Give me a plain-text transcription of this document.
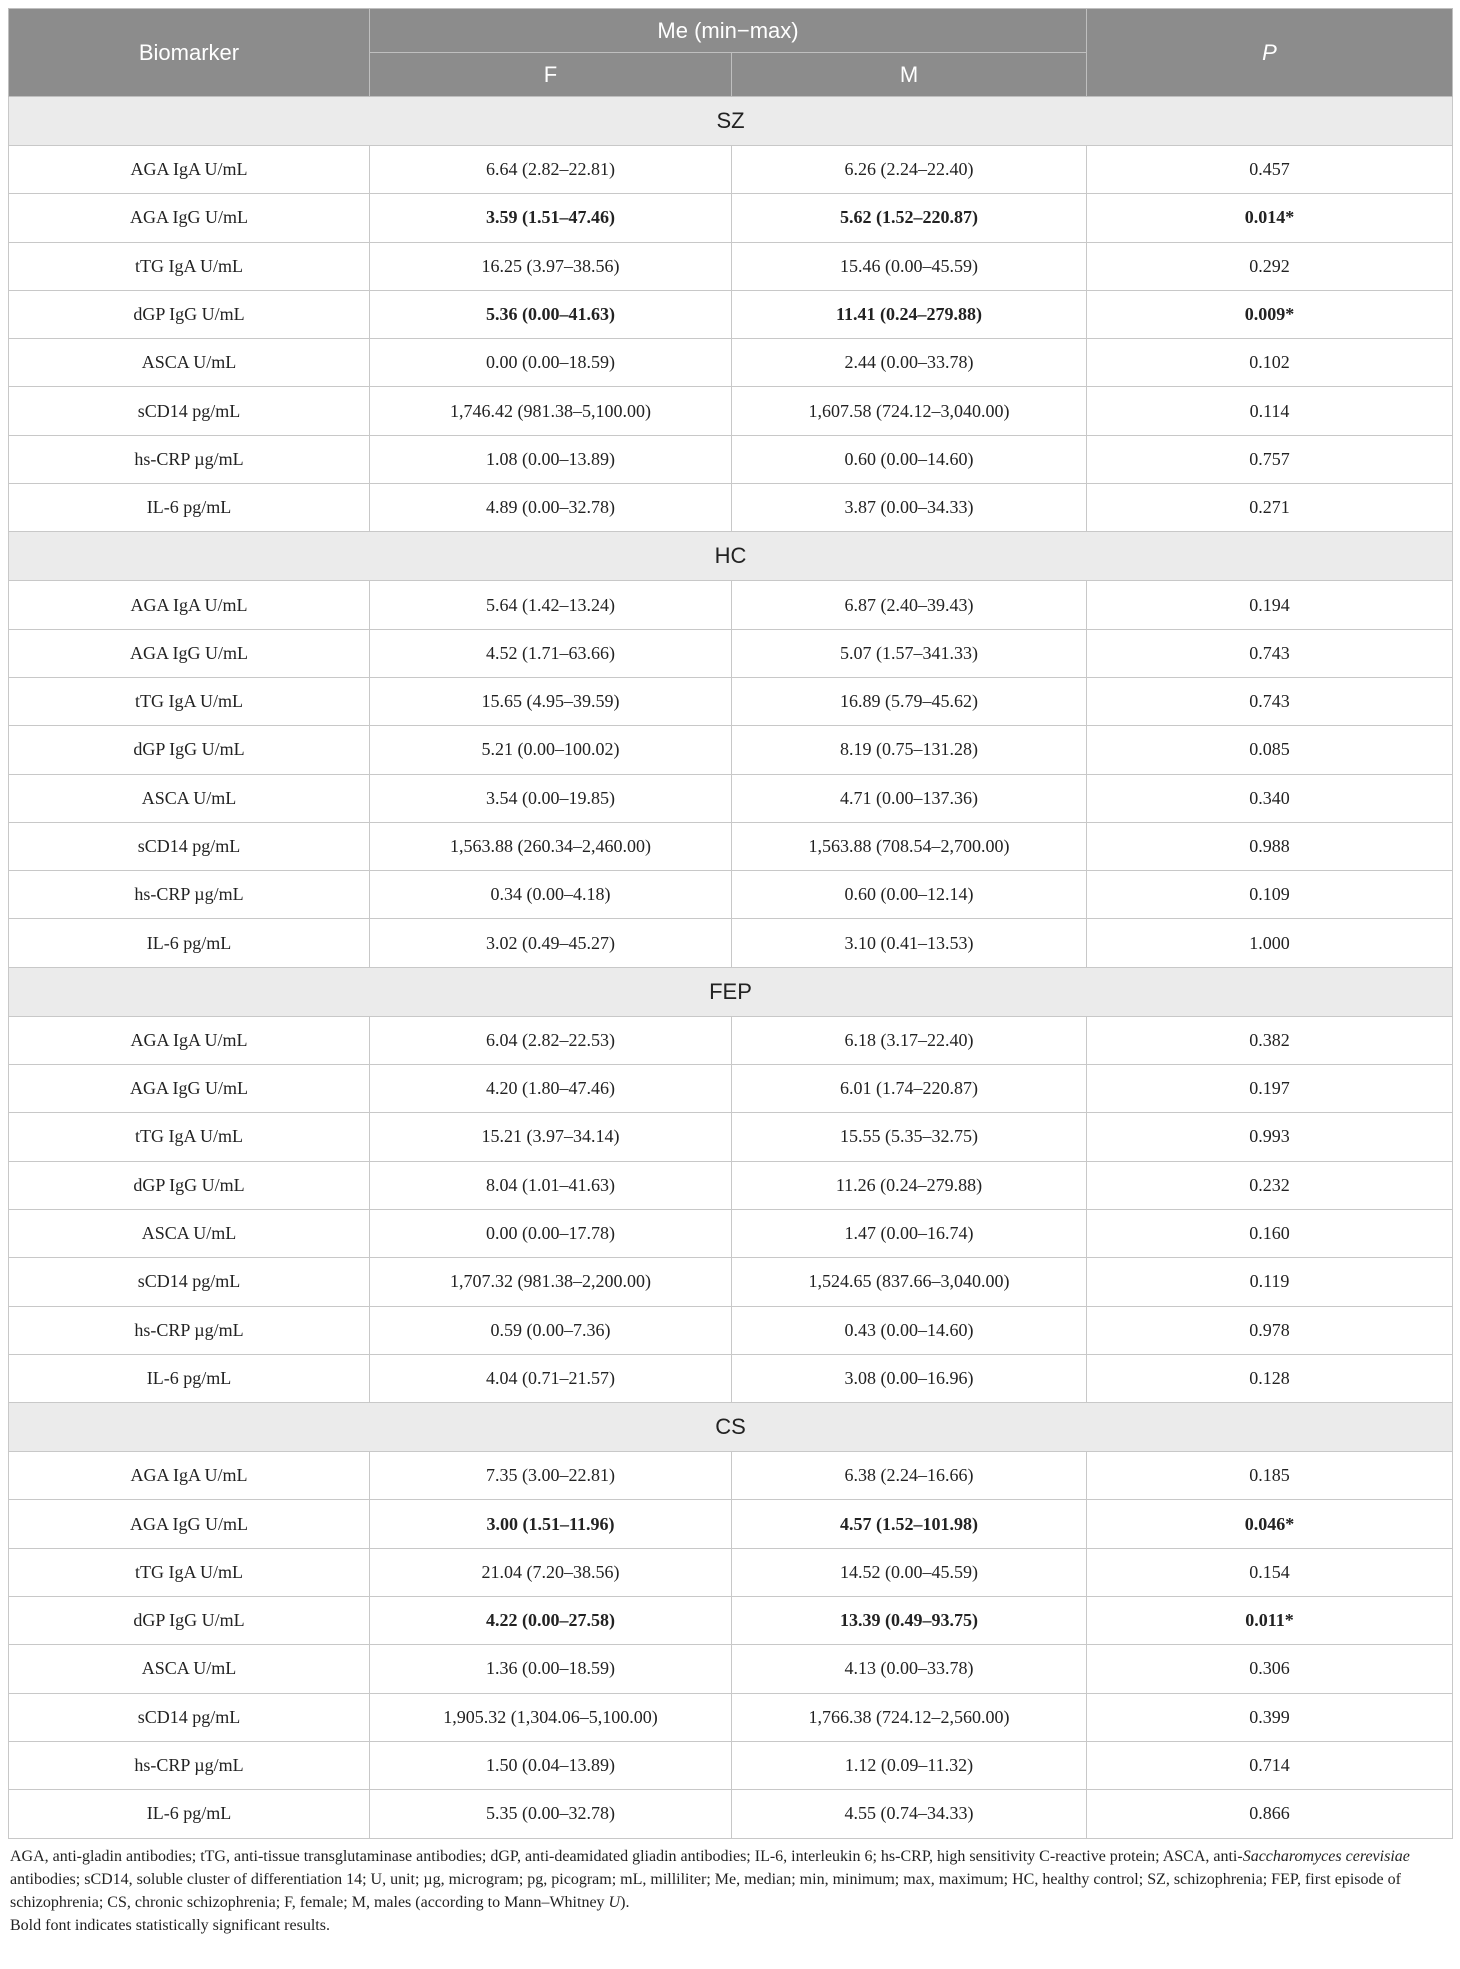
Biomarker	Me (min−max)		P
	F	M	
SZ			
AGA IgA U/mL	6.64 (2.82–22.81)	6.26 (2.24–22.40)	0.457
AGA IgG U/mL	3.59 (1.51–47.46)	5.62 (1.52–220.87)	0.014*
tTG IgA U/mL	16.25 (3.97–38.56)	15.46 (0.00–45.59)	0.292
dGP IgG U/mL	5.36 (0.00–41.63)	11.41 (0.24–279.88)	0.009*
ASCA U/mL	0.00 (0.00–18.59)	2.44 (0.00–33.78)	0.102
sCD14 pg/mL	1,746.42 (981.38–5,100.00)	1,607.58 (724.12–3,040.00)	0.114
hs-CRP µg/mL	1.08 (0.00–13.89)	0.60 (0.00–14.60)	0.757
IL-6 pg/mL	4.89 (0.00–32.78)	3.87 (0.00–34.33)	0.271
HC			
AGA IgA U/mL	5.64 (1.42–13.24)	6.87 (2.40–39.43)	0.194
AGA IgG U/mL	4.52 (1.71–63.66)	5.07 (1.57–341.33)	0.743
tTG IgA U/mL	15.65 (4.95–39.59)	16.89 (5.79–45.62)	0.743
dGP IgG U/mL	5.21 (0.00–100.02)	8.19 (0.75–131.28)	0.085
ASCA U/mL	3.54 (0.00–19.85)	4.71 (0.00–137.36)	0.340
sCD14 pg/mL	1,563.88 (260.34–2,460.00)	1,563.88 (708.54–2,700.00)	0.988
hs-CRP µg/mL	0.34 (0.00–4.18)	0.60 (0.00–12.14)	0.109
IL-6 pg/mL	3.02 (0.49–45.27)	3.10 (0.41–13.53)	1.000
FEP			
AGA IgA U/mL	6.04 (2.82–22.53)	6.18 (3.17–22.40)	0.382
AGA IgG U/mL	4.20 (1.80–47.46)	6.01 (1.74–220.87)	0.197
tTG IgA U/mL	15.21 (3.97–34.14)	15.55 (5.35–32.75)	0.993
dGP IgG U/mL	8.04 (1.01–41.63)	11.26 (0.24–279.88)	0.232
ASCA U/mL	0.00 (0.00–17.78)	1.47 (0.00–16.74)	0.160
sCD14 pg/mL	1,707.32 (981.38–2,200.00)	1,524.65 (837.66–3,040.00)	0.119
hs-CRP µg/mL	0.59 (0.00–7.36)	0.43 (0.00–14.60)	0.978
IL-6 pg/mL	4.04 (0.71–21.57)	3.08 (0.00–16.96)	0.128
CS			
AGA IgA U/mL	7.35 (3.00–22.81)	6.38 (2.24–16.66)	0.185
AGA IgG U/mL	3.00 (1.51–11.96)	4.57 (1.52–101.98)	0.046*
tTG IgA U/mL	21.04 (7.20–38.56)	14.52 (0.00–45.59)	0.154
dGP IgG U/mL	4.22 (0.00–27.58)	13.39 (0.49–93.75)	0.011*
ASCA U/mL	1.36 (0.00–18.59)	4.13 (0.00–33.78)	0.306
sCD14 pg/mL	1,905.32 (1,304.06–5,100.00)	1,766.38 (724.12–2,560.00)	0.399
hs-CRP µg/mL	1.50 (0.04–13.89)	1.12 (0.09–11.32)	0.714
IL-6 pg/mL	5.35 (0.00–32.78)	4.55 (0.74–34.33)	0.866
AGA, anti-gladin antibodies; tTG, anti-tissue transglutaminase antibodies; dGP, anti-deamidated gliadin antibodies; IL-6, interleukin 6; hs-CRP, high sensitivity C-reactive protein; ASCA, anti-Saccharomyces cerevisiae antibodies; sCD14, soluble cluster of differentiation 14; U, unit; µg, microgram; pg, picogram; mL, milliliter; Me, median; min, minimum; max, maximum; HC, healthy control; SZ, schizophrenia; FEP, first episode of schizophrenia; CS, chronic schizophrenia; F, female; M, males (according to Mann–Whitney U).
Bold font indicates statistically significant results.
